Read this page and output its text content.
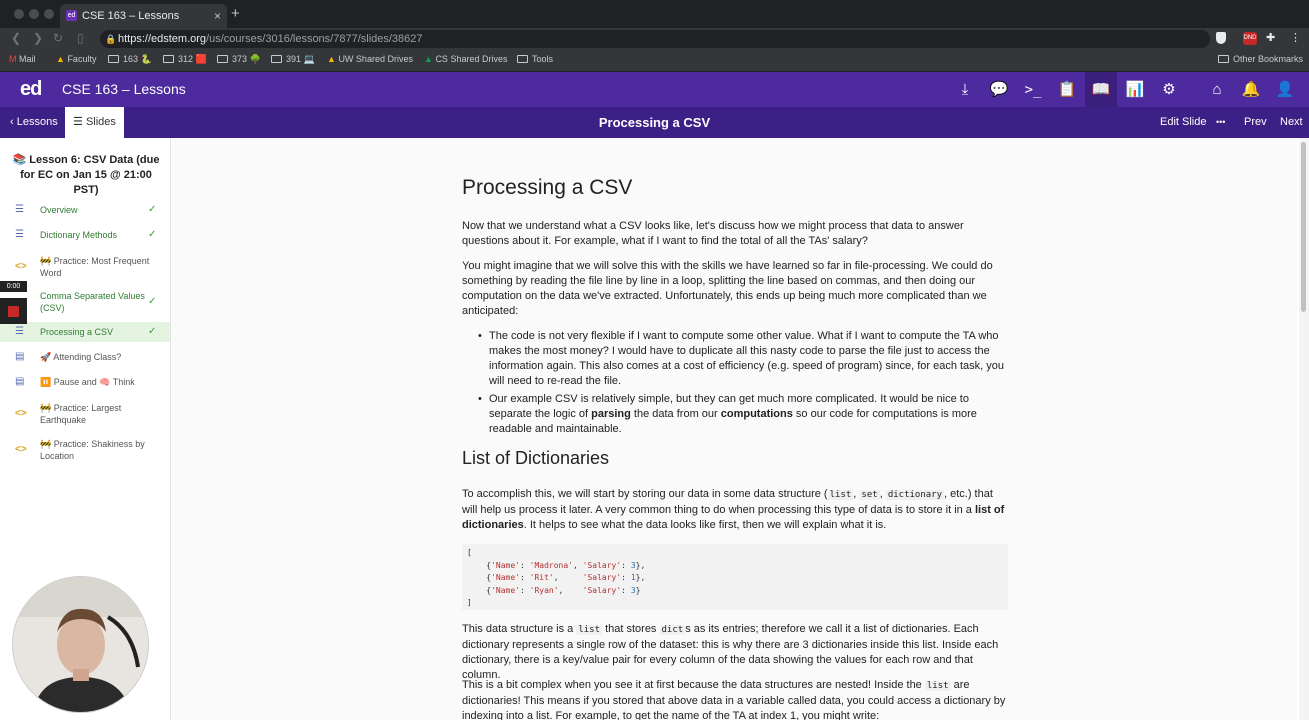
ed CSE 163 – Lessons	× +
❮ ❯ ↻ ▯ 🔒 https://edstem.org/us/courses/3016/lessons/7877/slides/38627	DND ✚	⋮
M Mail ▲ Faculty	163 🐍	312 🟥	373 🌳	391 💻 ▲ UW Shared Drives ▲ CS Shared Drives	Tools	Other Bookmarks
ed CSE 163 – Lessons	⤓	💬 >_ 📋	📖	📊 ⚙	⌂	🔔 👤
‹ Lessons	☰ Slides	Processing a CSV	Edit Slide ••• Prev Next
📚 Lesson 6: CSV Data (due for EC on Jan 15 @ 21:00 PST)
☰	Overview	✓
☰	Dictionary Methods	✓
<> 🚧 Practice: Most Frequent Word
Comma Separated Values (CSV)
✓
☰	Processing a CSV	✓
▤ 🚀 Attending Class?
▤ ⏸️ Pause and 🧠 Think
<> 🚧 Practice: Largest Earthquake
<> 🚧 Practice: Shakiness by Location
0:00
Processing a CSV

Now that we understand what a CSV looks like, let's discuss how we might process that data to answer questions about it. For example, what if I want to find the total of all the TAs' salary?

You might imagine that we will solve this with the skills we have learned so far in file-processing. We could do something by reading the file line by line in a loop, splitting the line based on commas, and then doing our computation on the data we've extracted. Unfortunately, this ends up being much more complicated than we anticipated:

• The code is not very flexible if I want to compute some other value. What if I want to compute the TA who makes the most money? I would have to duplicate all this nasty code to parse the file just to access the information again. This also comes at a cost of efficiency (e.g. speed of program) since, for each task, you will need to re-read the file.
• Our example CSV is relatively simple, but they can get much more complicated. It would be nice to separate the logic of parsing the data from our computations so our code for computations is more readable and maintainable.
List of Dictionaries

To accomplish this, we will start by storing our data in some data structure ( list , set , dictionary , etc.) that will help us process it later. A very common thing to do when processing this type of data is to store it in a list of dictionaries. It helps to see what the data looks like first, then we will explain what it is.

[
{'Name': 'Madrona', 'Salary': 3},
{'Name': 'Rit',     'Salary': 1},
{'Name': 'Ryan',    'Salary': 3}
]

This data structure is a list that stores dict s as its entries; therefore we call it a list of dictionaries. Each dictionary represents a single row of the dataset: this is why there are 3 dictionaries inside this list. Inside each dictionary, there is a key/value pair for every column of the data showing the values for each row and that column.

This is a bit complex when you see it at first because the data structures are nested! Inside the list are dictionaries! This means if you stored that above data in a variable called data, you could access a dictionary by indexing into a list. For example, to get the name of the TA at index 1, you might write:
